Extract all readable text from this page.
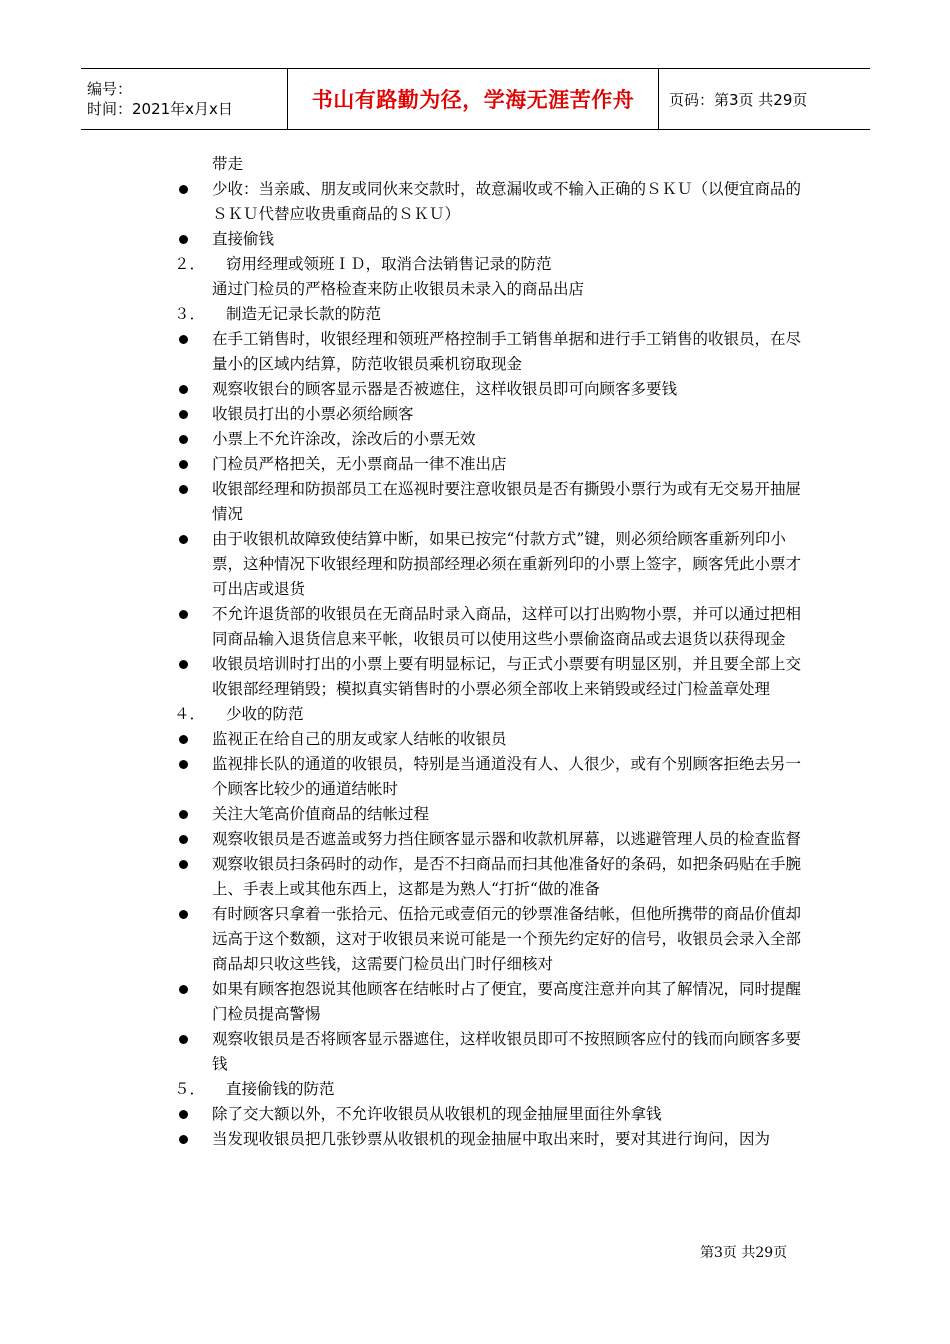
编号：
时间：2021年x月x日	书山有路勤为径，学海无涯苦作舟 页码：第3页 共29页
带走
少收：当亲戚、朋友或同伙来交款时，故意漏收或不输入正确的ＳＫＵ（以便宜商品的ＳＫＵ代替应收贵重商品的ＳＫＵ）
直接偷钱
２． 窃用经理或领班ＩＤ，取消合法销售记录的防范
通过门检员的严格检查来防止收银员未录入的商品出店
３． 制造无记录长款的防范
在手工销售时，收银经理和领班严格控制手工销售单据和进行手工销售的收银员，在尽量小的区域内结算，防范收银员乘机窃取现金
观察收银台的顾客显示器是否被遮住，这样收银员即可向顾客多要钱
收银员打出的小票必须给顾客
小票上不允许涂改，涂改后的小票无效
门检员严格把关，无小票商品一律不准出店
收银部经理和防损部员工在巡视时要注意收银员是否有撕毁小票行为或有无交易开抽屉情况
由于收银机故障致使结算中断，如果已按完“付款方式”键，则必须给顾客重新列印小票，这种情况下收银经理和防损部经理必须在重新列印的小票上签字，顾客凭此小票才可出店或退货
不允许退货部的收银员在无商品时录入商品，这样可以打出购物小票，并可以通过把相同商品输入退货信息来平帐，收银员可以使用这些小票偷盗商品或去退货以获得现金
收银员培训时打出的小票上要有明显标记，与正式小票要有明显区别，并且要全部上交收银部经理销毁；模拟真实销售时的小票必须全部收上来销毁或经过门检盖章处理
４． 少收的防范
监视正在给自己的朋友或家人结帐的收银员
监视排长队的通道的收银员，特别是当通道没有人、人很少，或有个别顾客拒绝去另一个顾客比较少的通道结帐时
关注大笔高价值商品的结帐过程
观察收银员是否遮盖或努力挡住顾客显示器和收款机屏幕，以逃避管理人员的检查监督
观察收银员扫条码时的动作，是否不扫商品而扫其他准备好的条码，如把条码贴在手腕上、手表上或其他东西上，这都是为熟人“打折“做的准备
有时顾客只拿着一张拾元、伍拾元或壹佰元的钞票准备结帐，但他所携带的商品价值却远高于这个数额，这对于收银员来说可能是一个预先约定好的信号，收银员会录入全部商品却只收这些钱，这需要门检员出门时仔细核对
如果有顾客抱怨说其他顾客在结帐时占了便宜，要高度注意并向其了解情况，同时提醒门检员提高警惕
观察收银员是否将顾客显示器遮住，这样收银员即可不按照顾客应付的钱而向顾客多要钱
５． 直接偷钱的防范
除了交大额以外，不允许收银员从收银机的现金抽屉里面往外拿钱
当发现收银员把几张钞票从收银机的现金抽屉中取出来时，要对其进行询问，因为
第3页 共29页
